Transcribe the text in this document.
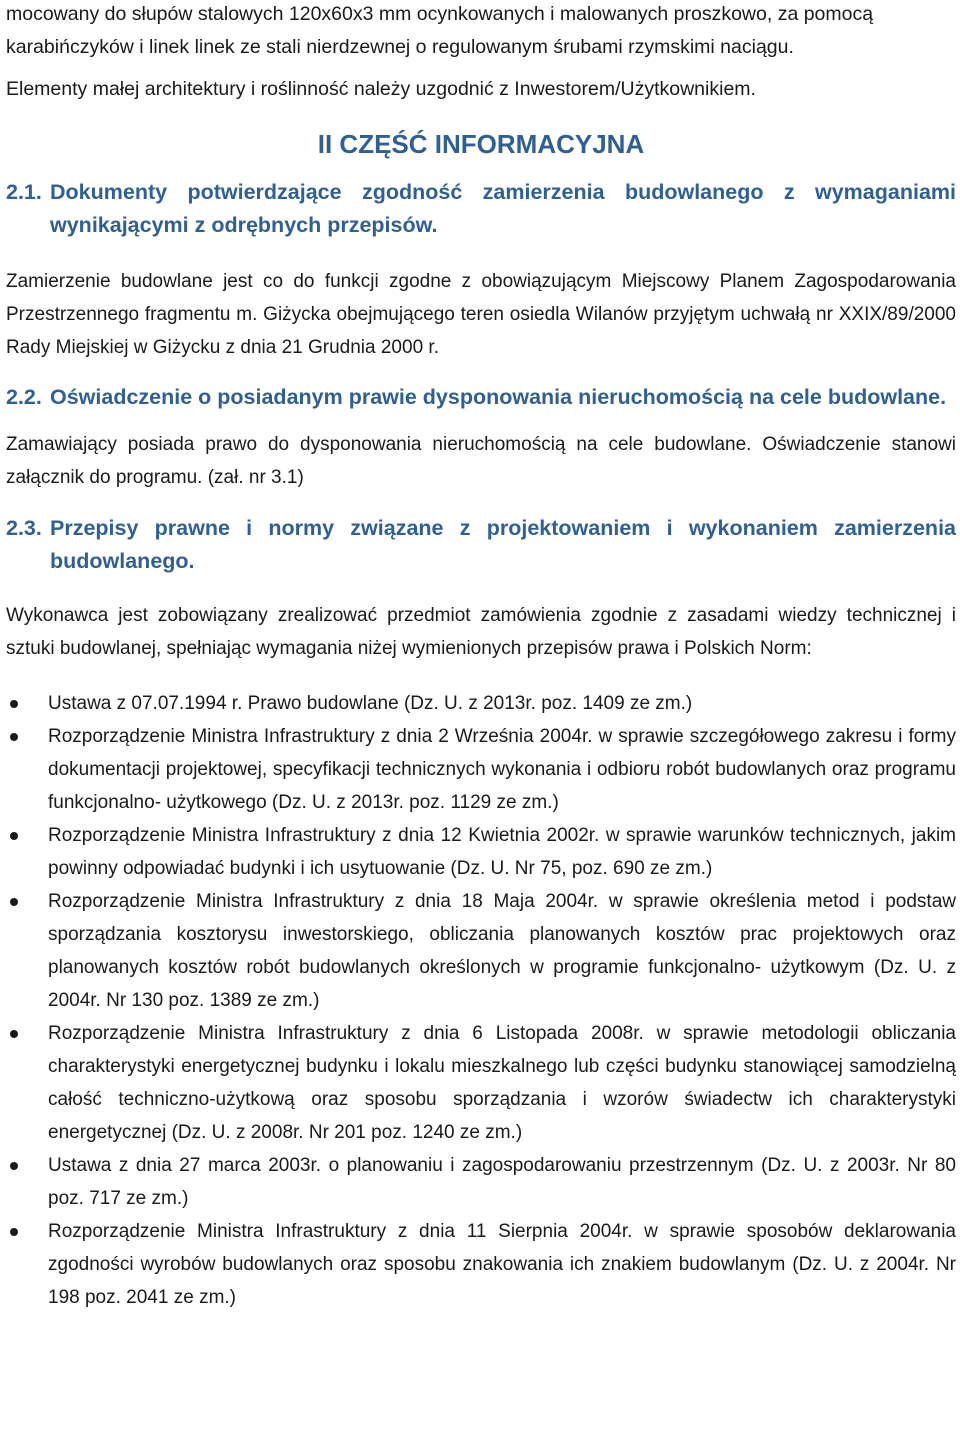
mocowany do słupów stalowych 120x60x3 mm ocynkowanych i malowanych proszkowo, za pomocą karabińczyków i linek linek ze stali nierdzewnej o regulowanym śrubami rzymskimi naciągu.

Elementy małej architektury i roślinność należy uzgodnić z Inwestorem/Użytkownikiem.

II CZĘŚĆ INFORMACYJNA
2.1. Dokumenty potwierdzające zgodność zamierzenia budowlanego z wymaganiami wynikającymi z odrębnych przepisów.

Zamierzenie budowlane jest co do funkcji zgodne z obowiązującym Miejscowy Planem Zagospodarowania Przestrzennego fragmentu m. Giżycka obejmującego teren osiedla Wilanów przyjętym uchwałą nr XXIX/89/2000 Rady Miejskiej w Giżycku z dnia 21 Grudnia 2000 r.

2.2. Oświadczenie o posiadanym prawie dysponowania nieruchomością na cele budowlane.

Zamawiający posiada prawo do dysponowania nieruchomością na cele budowlane. Oświadczenie stanowi załącznik do programu. (zał. nr 3.1)

2.3. Przepisy prawne i normy związane z projektowaniem i wykonaniem zamierzenia budowlanego.

Wykonawca jest zobowiązany zrealizować przedmiot zamówienia zgodnie z zasadami wiedzy technicznej i sztuki budowlanej, spełniając wymagania niżej wymienionych przepisów prawa i Polskich Norm:

Ustawa z 07.07.1994 r. Prawo budowlane (Dz. U. z 2013r. poz. 1409 ze zm.)
Rozporządzenie Ministra Infrastruktury z dnia 2 Września 2004r. w sprawie szczegółowego zakresu i formy dokumentacji projektowej, specyfikacji technicznych wykonania i odbioru robót budowlanych oraz programu funkcjonalno- użytkowego (Dz. U. z 2013r. poz. 1129 ze zm.)
Rozporządzenie Ministra Infrastruktury z dnia 12 Kwietnia 2002r. w sprawie warunków technicznych, jakim powinny odpowiadać budynki i ich usytuowanie (Dz. U. Nr 75, poz. 690 ze zm.)
Rozporządzenie Ministra Infrastruktury z dnia 18 Maja 2004r. w sprawie określenia metod i podstaw sporządzania kosztorysu inwestorskiego, obliczania planowanych kosztów prac projektowych oraz planowanych kosztów robót budowlanych określonych w programie funkcjonalno- użytkowym (Dz. U. z 2004r. Nr 130 poz. 1389 ze zm.)
Rozporządzenie Ministra Infrastruktury z dnia 6 Listopada 2008r. w sprawie metodologii obliczania charakterystyki energetycznej budynku i lokalu mieszkalnego lub części budynku stanowiącej samodzielną całość techniczno-użytkową oraz sposobu sporządzania i wzorów świadectw ich charakterystyki energetycznej (Dz. U. z 2008r. Nr 201 poz. 1240 ze zm.)
Ustawa z dnia 27 marca 2003r. o planowaniu i zagospodarowaniu przestrzennym (Dz. U. z 2003r. Nr 80 poz. 717 ze zm.)
Rozporządzenie Ministra Infrastruktury z dnia 11 Sierpnia 2004r. w sprawie sposobów deklarowania zgodności wyrobów budowlanych oraz sposobu znakowania ich znakiem budowlanym (Dz. U. z 2004r. Nr 198 poz. 2041 ze zm.)
